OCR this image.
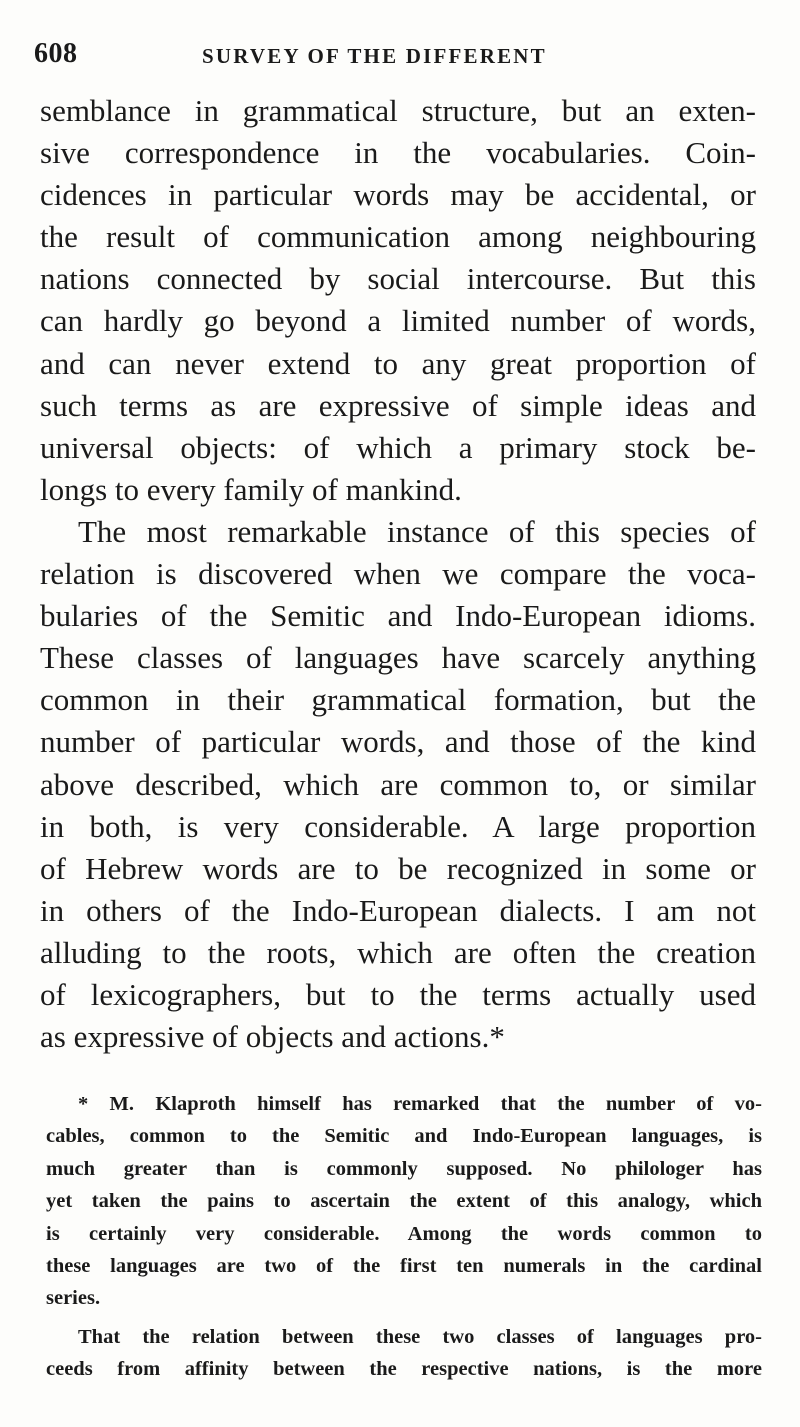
608	SURVEY OF THE DIFFERENT
semblance in grammatical structure, but an exten-
sive correspondence in the vocabularies. Coin-
cidences in particular words may be accidental, or
the result of communication among neighbouring
nations connected by social intercourse. But this
can hardly go beyond a limited number of words,
and can never extend to any great proportion of
such terms as are expressive of simple ideas and
universal objects: of which a primary stock be-
longs to every family of mankind.
The most remarkable instance of this species of
relation is discovered when we compare the voca-
bularies of the Semitic and Indo-European idioms.
These classes of languages have scarcely anything
common in their grammatical formation, but the
number of particular words, and those of the kind
above described, which are common to, or similar
in both, is very considerable. A large proportion
of Hebrew words are to be recognized in some or
in others of the Indo-European dialects. I am not
alluding to the roots, which are often the creation
of lexicographers, but to the terms actually used
as expressive of objects and actions.*
* M. Klaproth himself has remarked that the number of vo-
cables, common to the Semitic and Indo-European languages, is
much greater than is commonly supposed. No philologer has
yet taken the pains to ascertain the extent of this analogy, which
is certainly very considerable. Among the words common to
these languages are two of the first ten numerals in the cardinal
series.
That the relation between these two classes of languages pro-
ceeds from affinity between the respective nations, is the more
